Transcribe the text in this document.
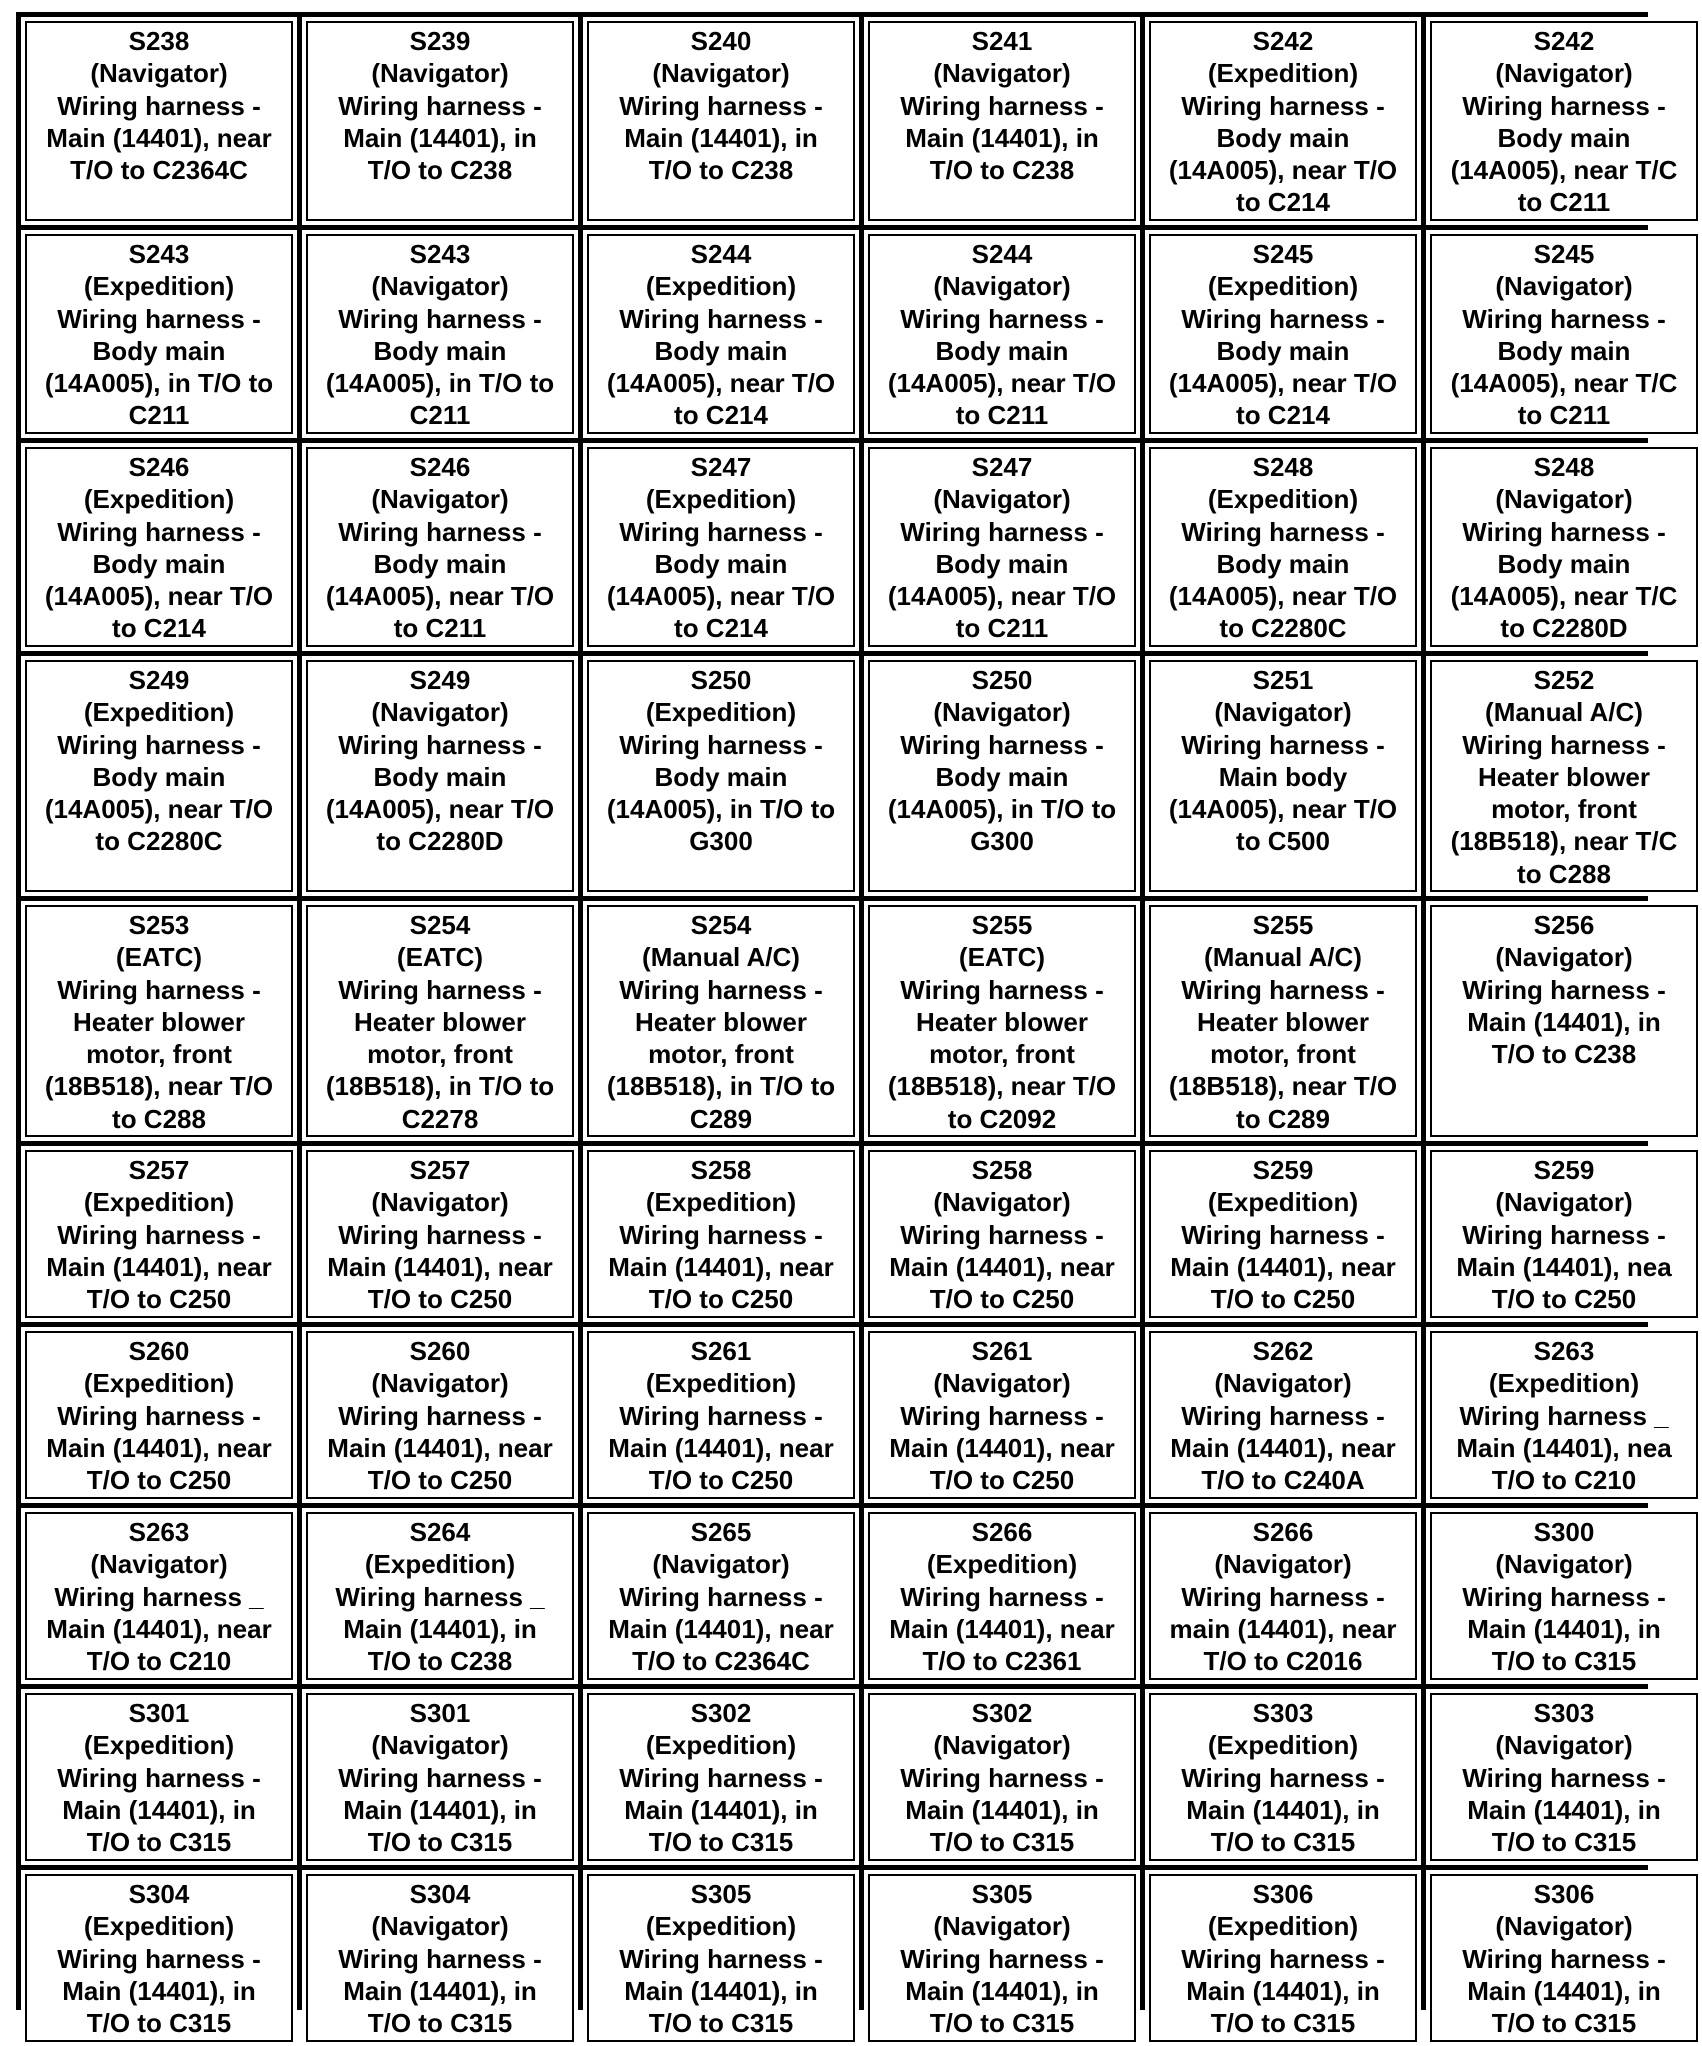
S238
(Navigator)
Wiring harness -
Main (14401), near
T/O to C2364C
S239
(Navigator)
Wiring harness -
Main (14401), in
T/O to C238
S240
(Navigator)
Wiring harness -
Main (14401), in
T/O to C238
S241
(Navigator)
Wiring harness -
Main (14401), in
T/O to C238
S242
(Expedition)
Wiring harness -
Body main
(14A005), near T/O
to C214
S242
(Navigator)
Wiring harness -
Body main
(14A005), near T/C
to C211
S243
(Expedition)
Wiring harness -
Body main
(14A005), in T/O to
C211
S243
(Navigator)
Wiring harness -
Body main
(14A005), in T/O to
C211
S244
(Expedition)
Wiring harness -
Body main
(14A005), near T/O
to C214
S244
(Navigator)
Wiring harness -
Body main
(14A005), near T/O
to C211
S245
(Expedition)
Wiring harness -
Body main
(14A005), near T/O
to C214
S245
(Navigator)
Wiring harness -
Body main
(14A005), near T/C
to C211
S246
(Expedition)
Wiring harness -
Body main
(14A005), near T/O
to C214
S246
(Navigator)
Wiring harness -
Body main
(14A005), near T/O
to C211
S247
(Expedition)
Wiring harness -
Body main
(14A005), near T/O
to C214
S247
(Navigator)
Wiring harness -
Body main
(14A005), near T/O
to C211
S248
(Expedition)
Wiring harness -
Body main
(14A005), near T/O
to C2280C
S248
(Navigator)
Wiring harness -
Body main
(14A005), near T/C
to C2280D
S249
(Expedition)
Wiring harness -
Body main
(14A005), near T/O
to C2280C
S249
(Navigator)
Wiring harness -
Body main
(14A005), near T/O
to C2280D
S250
(Expedition)
Wiring harness -
Body main
(14A005), in T/O to
G300
S250
(Navigator)
Wiring harness -
Body main
(14A005), in T/O to
G300
S251
(Navigator)
Wiring harness -
Main body
(14A005), near T/O
to C500
S252
(Manual A/C)
Wiring harness -
Heater blower
motor, front
(18B518), near T/C
to C288
S253
(EATC)
Wiring harness -
Heater blower
motor, front
(18B518), near T/O
to C288
S254
(EATC)
Wiring harness -
Heater blower
motor, front
(18B518), in T/O to
C2278
S254
(Manual A/C)
Wiring harness -
Heater blower
motor, front
(18B518), in T/O to
C289
S255
(EATC)
Wiring harness -
Heater blower
motor, front
(18B518), near T/O
to C2092
S255
(Manual A/C)
Wiring harness -
Heater blower
motor, front
(18B518), near T/O
to C289
S256
(Navigator)
Wiring harness -
Main (14401), in
T/O to C238
S257
(Expedition)
Wiring harness -
Main (14401), near
T/O to C250
S257
(Navigator)
Wiring harness -
Main (14401), near
T/O to C250
S258
(Expedition)
Wiring harness -
Main (14401), near
T/O to C250
S258
(Navigator)
Wiring harness -
Main (14401), near
T/O to C250
S259
(Expedition)
Wiring harness -
Main (14401), near
T/O to C250
S259
(Navigator)
Wiring harness -
Main (14401), nea
T/O to C250
S260
(Expedition)
Wiring harness -
Main (14401), near
T/O to C250
S260
(Navigator)
Wiring harness -
Main (14401), near
T/O to C250
S261
(Expedition)
Wiring harness -
Main (14401), near
T/O to C250
S261
(Navigator)
Wiring harness -
Main (14401), near
T/O to C250
S262
(Navigator)
Wiring harness -
Main (14401), near
T/O to C240A
S263
(Expedition)
Wiring harness _
Main (14401), nea
T/O to C210
S263
(Navigator)
Wiring harness _
Main (14401), near
T/O to C210
S264
(Expedition)
Wiring harness _
Main (14401), in
T/O to C238
S265
(Navigator)
Wiring harness -
Main (14401), near
T/O to C2364C
S266
(Expedition)
Wiring harness -
Main (14401), near
T/O to C2361
S266
(Navigator)
Wiring harness -
main (14401), near
T/O to C2016
S300
(Navigator)
Wiring harness -
Main (14401), in
T/O to C315
S301
(Expedition)
Wiring harness -
Main (14401), in
T/O to C315
S301
(Navigator)
Wiring harness -
Main (14401), in
T/O to C315
S302
(Expedition)
Wiring harness -
Main (14401), in
T/O to C315
S302
(Navigator)
Wiring harness -
Main (14401), in
T/O to C315
S303
(Expedition)
Wiring harness -
Main (14401), in
T/O to C315
S303
(Navigator)
Wiring harness -
Main (14401), in
T/O to C315
S304
(Expedition)
Wiring harness -
Main (14401), in
T/O to C315
S304
(Navigator)
Wiring harness -
Main (14401), in
T/O to C315
S305
(Expedition)
Wiring harness -
Main (14401), in
T/O to C315
S305
(Navigator)
Wiring harness -
Main (14401), in
T/O to C315
S306
(Expedition)
Wiring harness -
Main (14401), in
T/O to C315
S306
(Navigator)
Wiring harness -
Main (14401), in
T/O to C315
